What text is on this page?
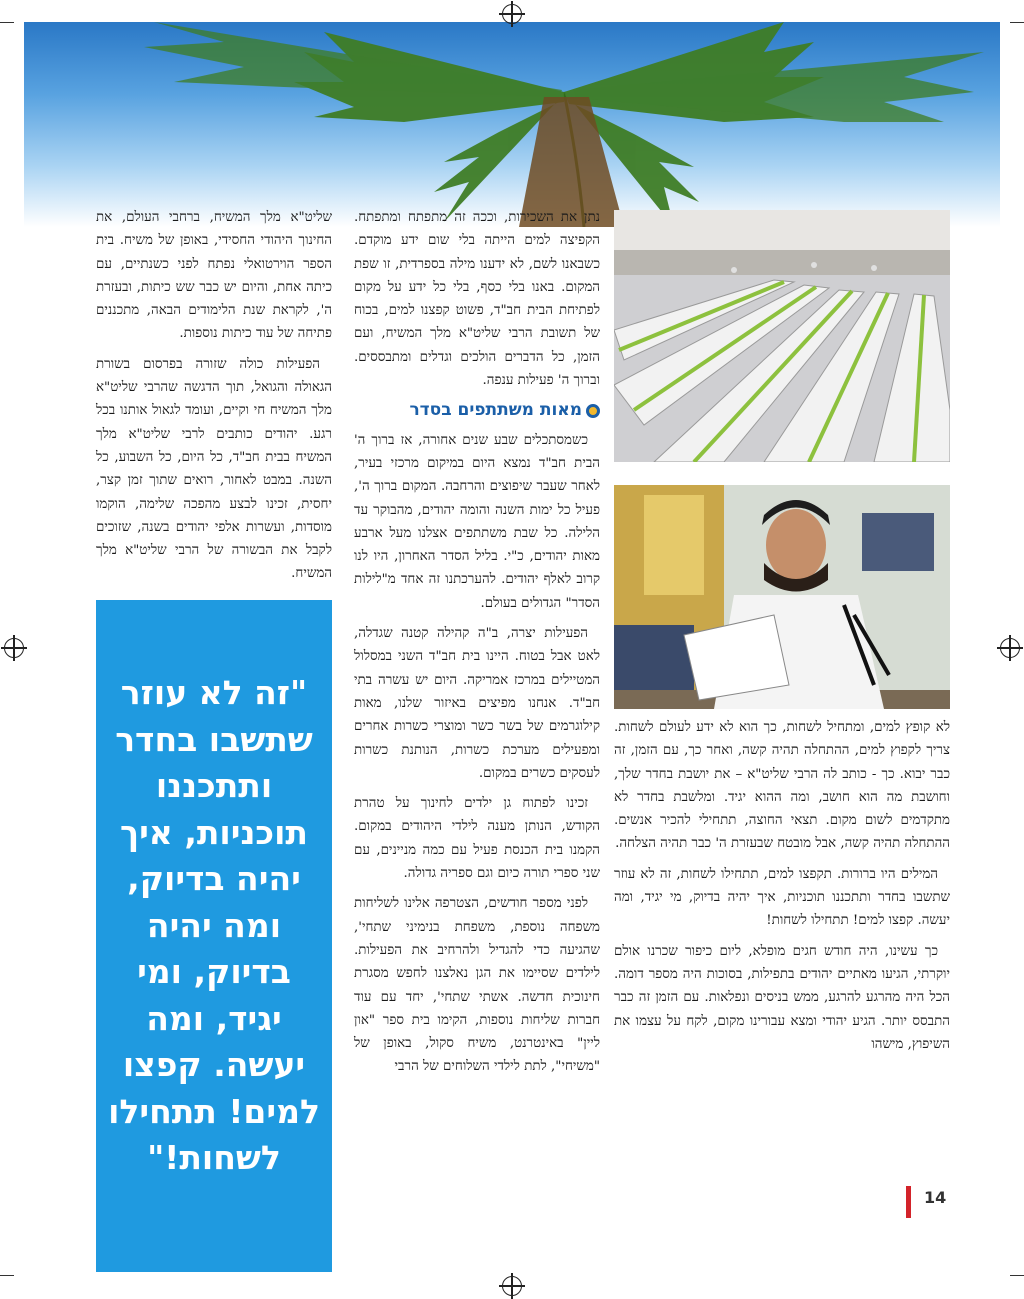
לא קופץ למים, ומתחיל לשחות, כך הוא לא ידע לעולם לשחות. צריך לקפוץ למים, ההתחלה תהיה קשה, ואחר כך, עם הזמן, זה כבר יבוא. כך - כותב לה הרבי שליט"א – את יושבת בחדר שלך, וחושבת מה הוא חושב, ומה ההוא יגיד. ומלשבת בחדר לא מתקדמים לשום מקום. תצאי החוצה, תתחילי להכיר אנשים. ההתחלה תהיה קשה, אבל מובטח שבעזרת ה' כבר תהיה הצלחה.

המילים היו ברורות. תקפצו למים, תתחילו לשחות, זה לא עוזר שתשבו בחדר ותתכננו תוכניות, איך יהיה בדיוק, מי יגיד, ומה יעשה. קפצו למים! תתחילו לשחות!

כך עשינו, היה חודש חגים מופלא, ליום כיפור שכרנו אולם יוקרתי, הגיעו מאתיים יהודים בתפילות, בסוכות היה מספר דומה. הכל היה מהרגע להרגע, ממש בניסים ונפלאות. עם הזמן זה כבר התבסס יותר. הגיע יהודי ומצא עבורינו מקום, לקח על עצמו את השיפוץ, מישהו

נתן את השכירות, וככה זה מתפתח ומתפתח. הקפיצה למים הייתה בלי שום ידע מוקדם. כשבאנו לשם, לא ידענו מילה בספרדית, זו שפת המקום. באנו בלי כסף, בלי כל ידע על מקום לפתיחת הבית חב"ד, פשוט קפצנו למים, בכוח של תשובת הרבי שליט"א מלך המשיח, ועם הזמן, כל הדברים הולכים וגדלים ומתבססים. וברוך ה' פעילות ענפה.

מאות משתתפים בסדר

כשמסתכלים שבע שנים אחורה, אז ברוך ה' הבית חב"ד נמצא היום במיקום מרכזי בעיר, לאחר שעבר שיפוצים והרחבה. המקום ברוך ה', פעיל כל ימות השנה והומה יהודים, מהבוקר עד הלילה. כל שבת משתתפים אצלנו מעל ארבע מאות יהודים, כ"י. בליל הסדר האחרון, היו לנו קרוב לאלף יהודים. להערכתנו זה אחד מ"לילות הסדר" הגדולים בעולם.

הפעילות יצרה, ב"ה קהילה קטנה שגדלה, לאט אבל בטוח. היינו בית חב"ד השני במסלול המטיילים במרכז אמריקה. היום יש עשרה בתי חב"ד. אנחנו מפיצים באיזור שלנו, מאות קילוגרמים של בשר כשר ומוצרי כשרות אחרים ומפעילים מערכת כשרות, הנותנת כשרות לעסקים כשרים במקום.

זכינו לפתוח גן ילדים לחינוך על טהרת הקודש, הנותן מענה לילדי היהודים במקום. הקמנו בית הכנסת פעיל עם כמה מניינים, עם שני ספרי תורה כיום וגם ספריה גדולה.

לפני מספר חודשים, הצטרפה אלינו לשליחות משפחה נוספת, משפחת בנימיני שתחי', שהגיעה כדי להגדיל ולהרחיב את הפעילות. לילדים שסיימו את הגן נאלצנו לחפש מסגרת חינוכית חדשה. אשתי שתחי', יחד עם עוד חברות שליחות נוספות, הקימו בית ספר "און ליין" באינטרנט, משיח סקול, באופן של "משיחי", לתת לילדי השלוחים של הרבי

שליט"א מלך המשיח, ברחבי העולם, את החינוך היהודי החסידי, באופן של משיח. בית הספר הוירטואלי נפתח לפני כשנתיים, עם כיתה אחת, והיום יש כבר שש כיתות, ובעזרת ה', לקראת שנת הלימודים הבאה, מתכננים פתיחה של עוד כיתות נוספות.

הפעילות כולה שזורה בפרסום בשורת הגאולה והגואל, תוך הדגשה שהרבי שליט"א מלך המשיח חי וקיים, ועומד לגאול אותנו בכל רגע. יהודים כותבים לרבי שליט"א מלך המשיח בבית חב"ד, כל היום, כל השבוע, כל השנה. במבט לאחור, רואים שתוך זמן קצר, יחסית, זכינו לבצע מהפכה שלימה, הוקמו מוסדות, ועשרות אלפי יהודים בשנה, שזוכים לקבל את הבשורה של הרבי שליט"א מלך המשיח.

"זה לא עוזר שתשבו בחדר ותתכננו תוכניות, איך יהיה בדיוק, ומה יהיה בדיוק, ומי יגיד, ומה יעשה. קפצו למים! תתחילו לשחות!"
14
